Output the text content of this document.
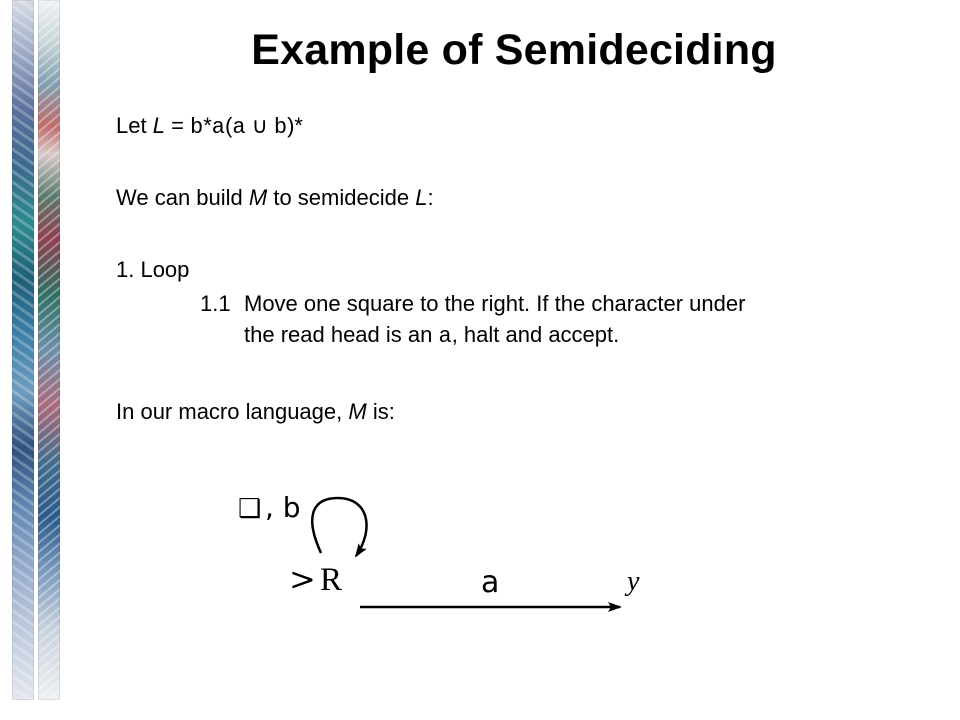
Example of Semideciding

Let L = b*a(a ∪ b)*

We can build M to semidecide L:

1. Loop

1.1 Move one square to the right. If the character under
the read head is an a, halt and accept.

In our macro language, M is:

❑ , b
> R	a	y
